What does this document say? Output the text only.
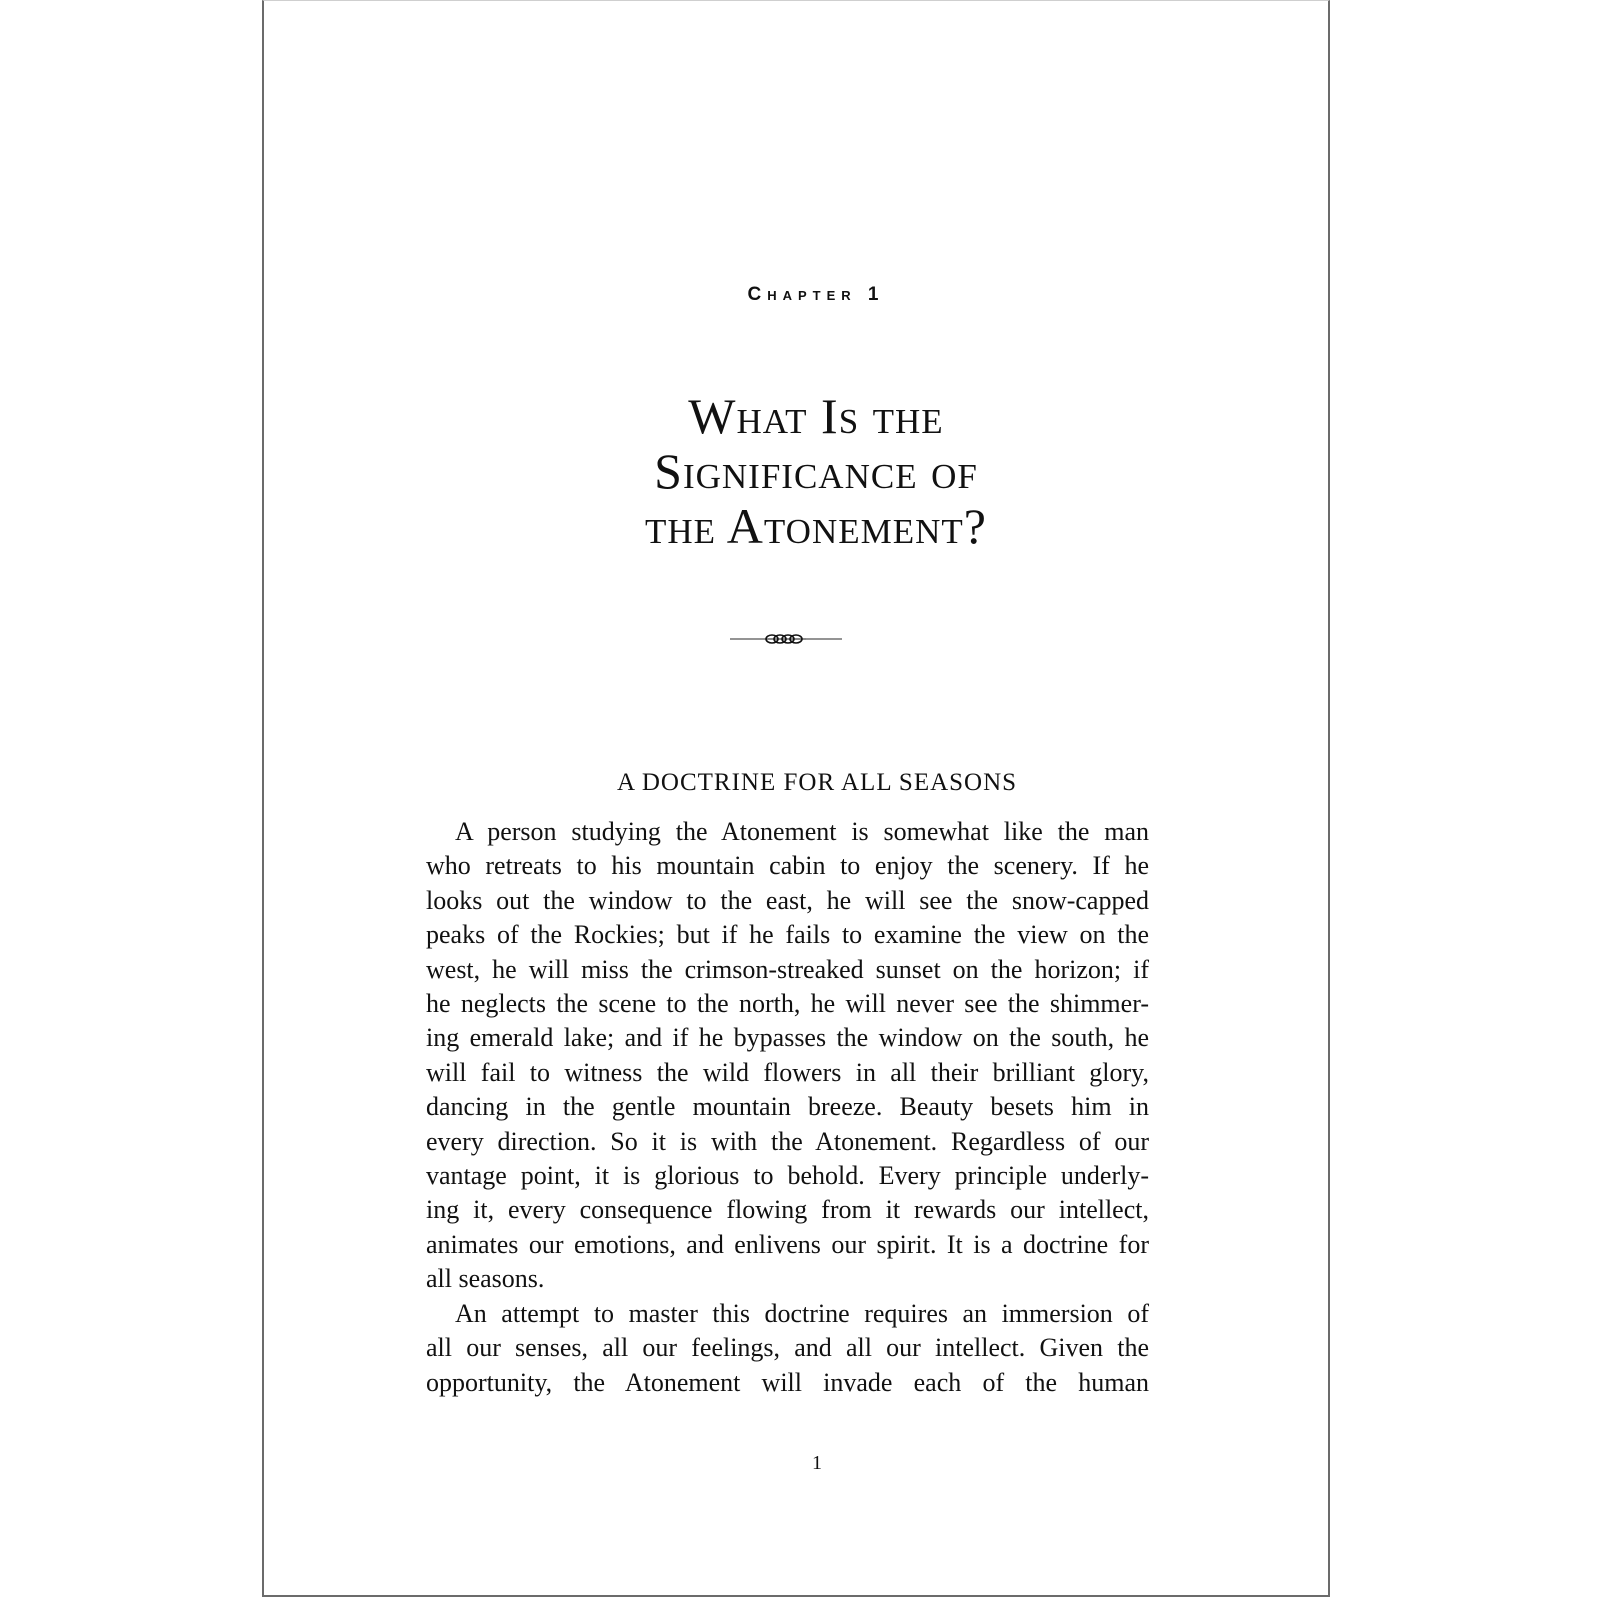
Chapter 1
What Is the
Significance of
the Atonement?
A DOCTRINE FOR ALL SEASONS

A person studying the Atonement is somewhat like the man
who retreats to his mountain cabin to enjoy the scenery. If he
looks out the window to the east, he will see the snow-capped
peaks of the Rockies; but if he fails to examine the view on the
west, he will miss the crimson-streaked sunset on the horizon; if
he neglects the scene to the north, he will never see the shimmer-
ing emerald lake; and if he bypasses the window on the south, he
will fail to witness the wild flowers in all their brilliant glory,
dancing in the gentle mountain breeze. Beauty besets him in
every direction. So it is with the Atonement. Regardless of our
vantage point, it is glorious to behold. Every principle underly-
ing it, every consequence flowing from it rewards our intellect,
animates our emotions, and enlivens our spirit. It is a doctrine for
all seasons.

An attempt to master this doctrine requires an immersion of
all our senses, all our feelings, and all our intellect. Given the
opportunity, the Atonement will invade each of the human

1
